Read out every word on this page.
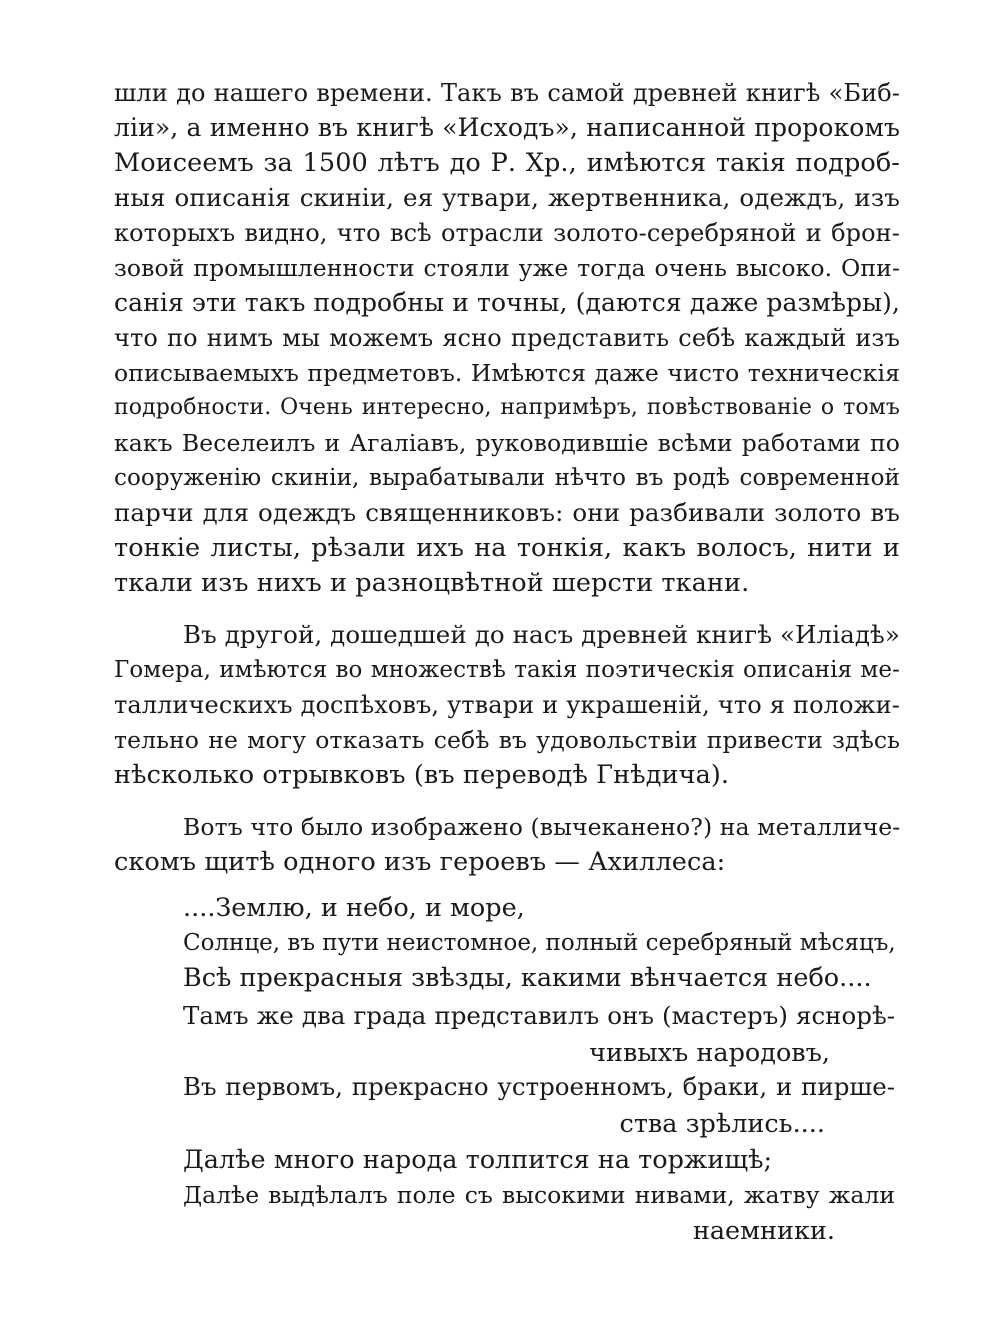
шли до нашего времени. Такъ въ самой древней книгѣ «Биб-
ліи», а именно въ книгѣ «Исходъ», написанной пророкомъ
Моисеемъ за 1500 лѣтъ до Р. Хр., имѣются такія подроб-
ныя описанія скиніи, ея утвари, жертвенника, одеждъ, изъ
которыхъ видно, что всѣ отрасли золото-серебряной и брон-
зовой промышленности стояли уже тогда очень высоко. Опи-
санія эти такъ подробны и точны, (даются даже размѣры),
что по нимъ мы можемъ ясно представить себѣ каждый изъ
описываемыхъ предметовъ. Имѣются даже чисто техническія
подробности. Очень интересно, напримѣръ, повѣствованіе о томъ
какъ Веселеилъ и Агаліавъ, руководившіе всѣми работами по
сооруженію скиніи, вырабатывали нѣчто въ родѣ современной
парчи для одеждъ священниковъ: они разбивали золото въ
тонкіе листы, рѣзали ихъ на тонкія, какъ волосъ, нити и
ткали изъ нихъ и разноцвѣтной шерсти ткани.
Въ другой, дошедшей до насъ древней книгѣ «Иліадѣ»
Гомера, имѣются во множествѣ такія поэтическія описанія ме-
таллическихъ доспѣховъ, утвари и украшеній, что я положи-
тельно не могу отказать себѣ въ удовольствіи привести здѣсь
нѣсколько отрывковъ (въ переводѣ Гнѣдича).
Вотъ что было изображено (вычеканено?) на металличе-
скомъ щитѣ одного изъ героевъ — Ахиллеса:
....Землю, и небо, и море,
Солнце, въ пути неистомное, полный серебряный мѣсяцъ,
Всѣ прекрасныя звѣзды, какими вѣнчается небо....
Тамъ же два града представилъ онъ (мастеръ) ясноpѣ-
чивыхъ народовъ,
Въ первомъ, прекрасно устроенномъ, браки, и пирше-
ства зрѣлись....
Далѣе много народа толпится на торжищѣ;
Далѣе выдѣлалъ поле съ высокими нивами, жатву жали
наемники.
